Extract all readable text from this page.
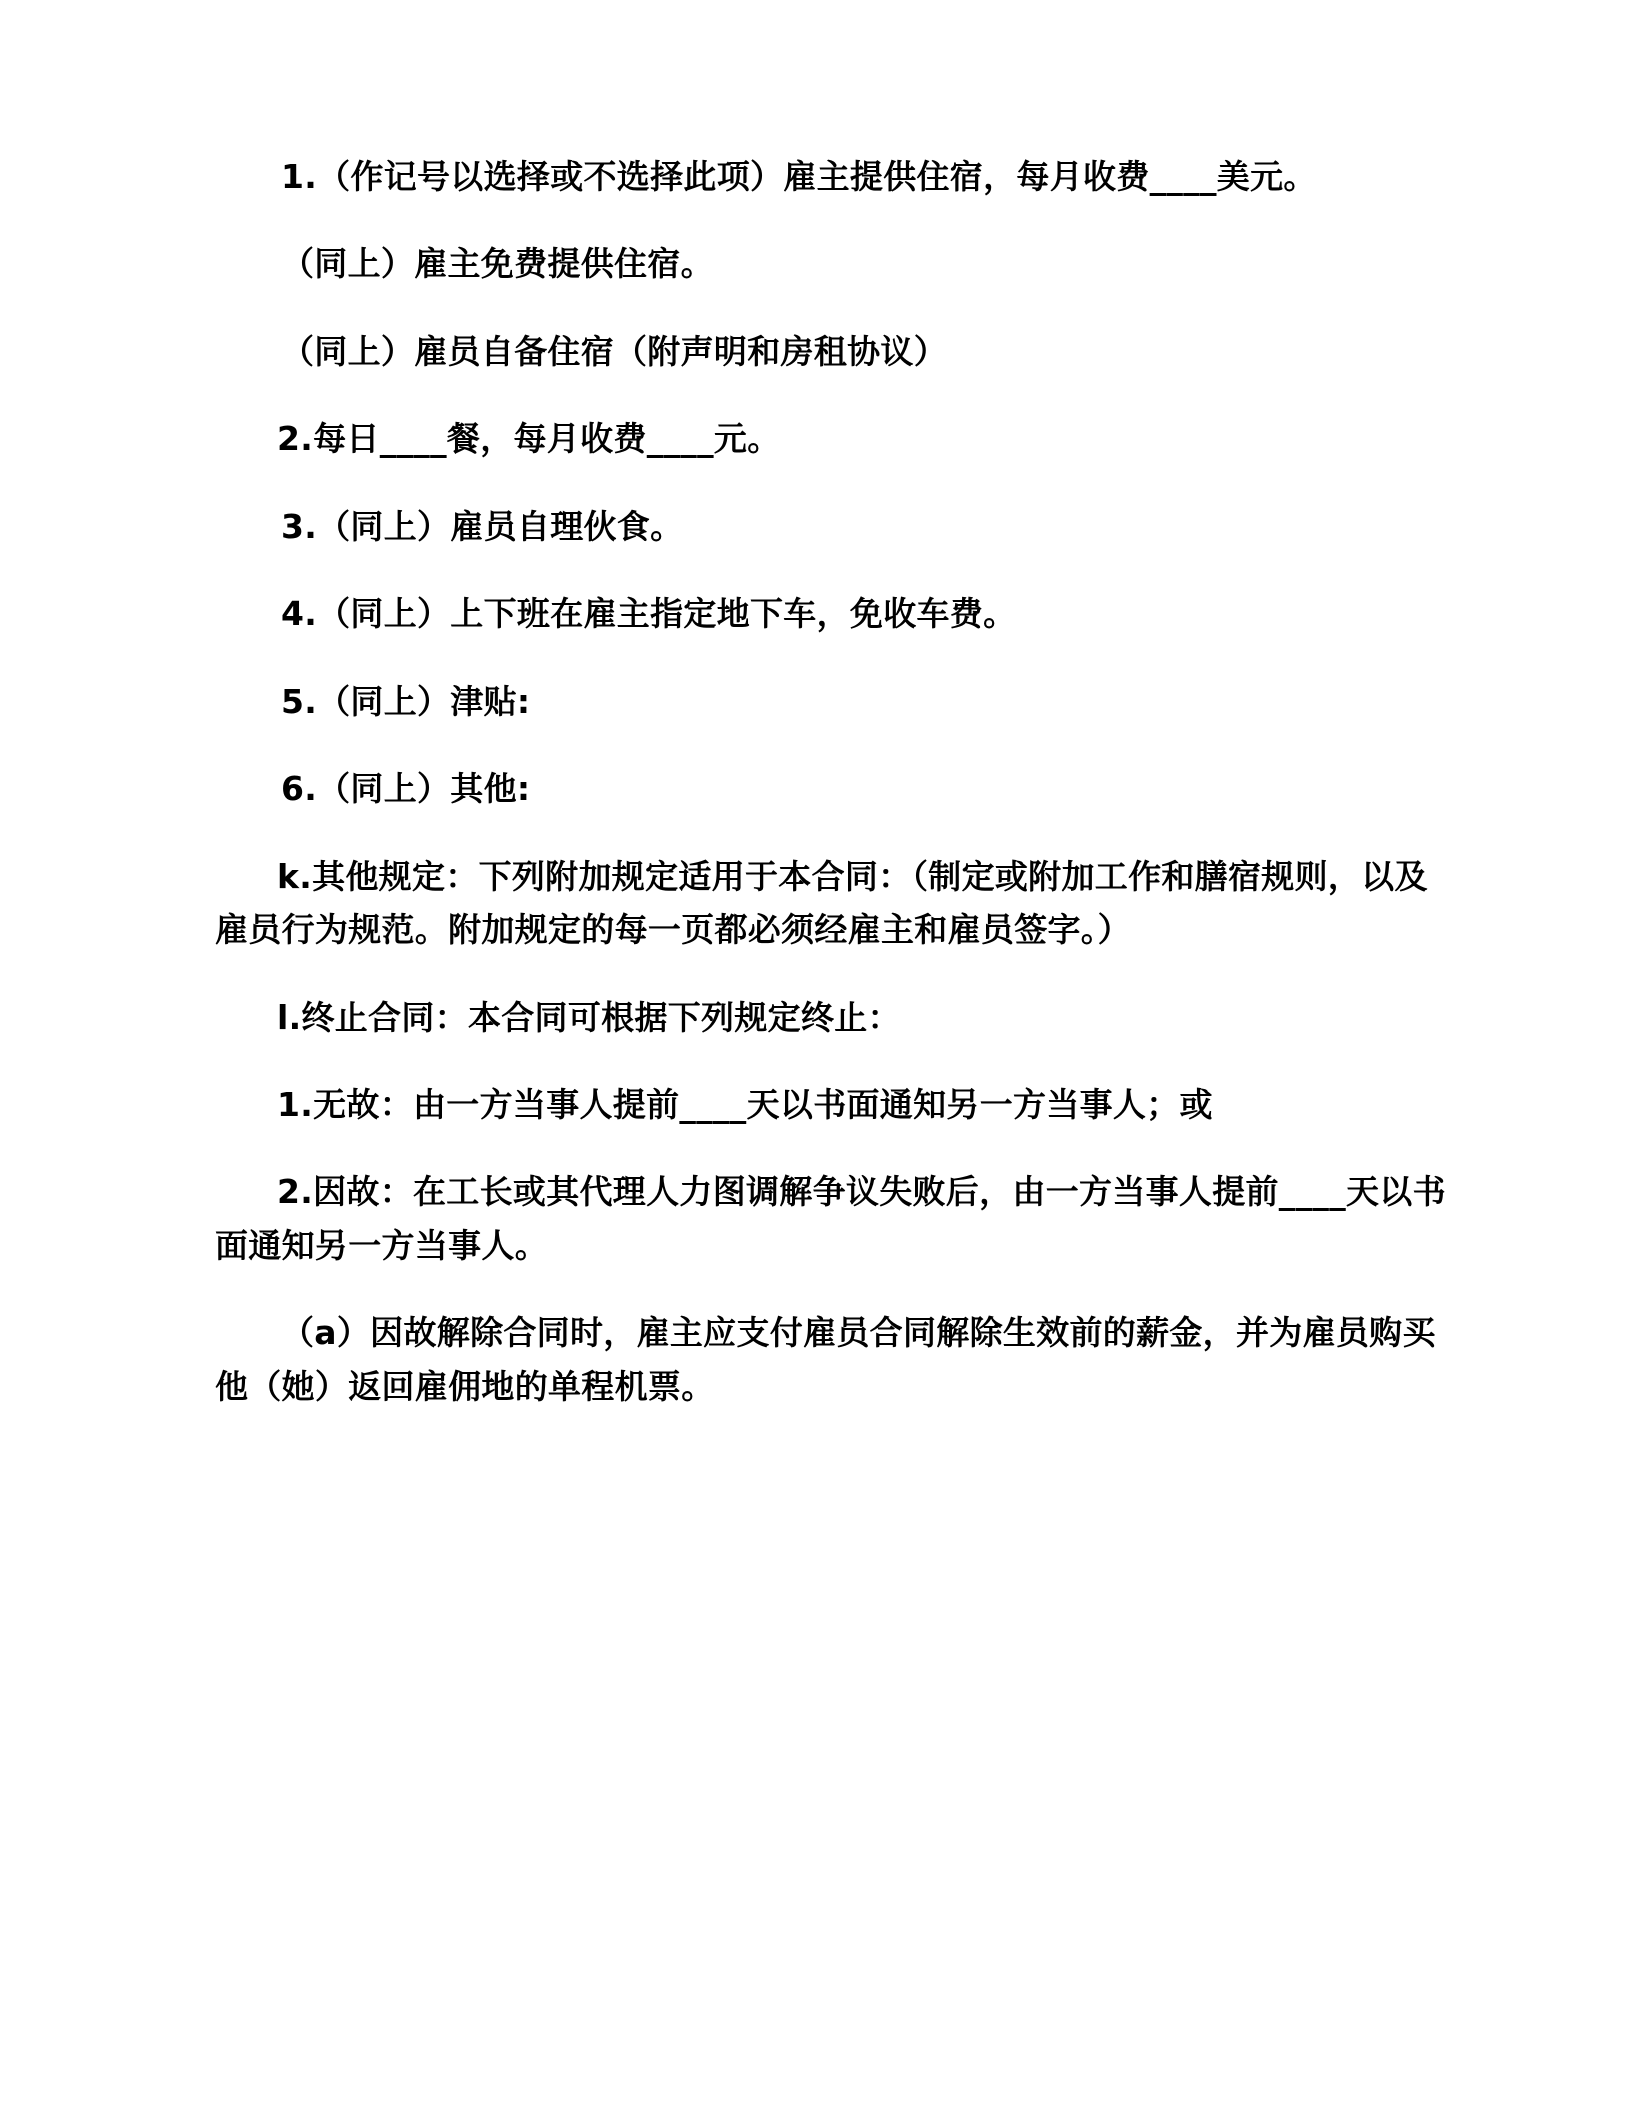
1.（作记号以选择或不选择此项）雇主提供住宿，每月收费____美元。

（同上）雇主免费提供住宿。

（同上）雇员自备住宿（附声明和房租协议）

2.每日____餐，每月收费____元。

3.（同上）雇员自理伙食。

4.（同上）上下班在雇主指定地下车，免收车费。

5.（同上）津贴:

6.（同上）其他:

k.其他规定：下列附加规定适用于本合同：（制定或附加工作和膳宿规则，以及雇员行为规范。附加规定的每一页都必须经雇主和雇员签字。）

l.终止合同：本合同可根据下列规定终止：

1.无故：由一方当事人提前____天以书面通知另一方当事人；或

2.因故：在工长或其代理人力图调解争议失败后，由一方当事人提前____天以书面通知另一方当事人。

（a）因故解除合同时，雇主应支付雇员合同解除生效前的薪金，并为雇员购买他（她）返回雇佣地的单程机票。
